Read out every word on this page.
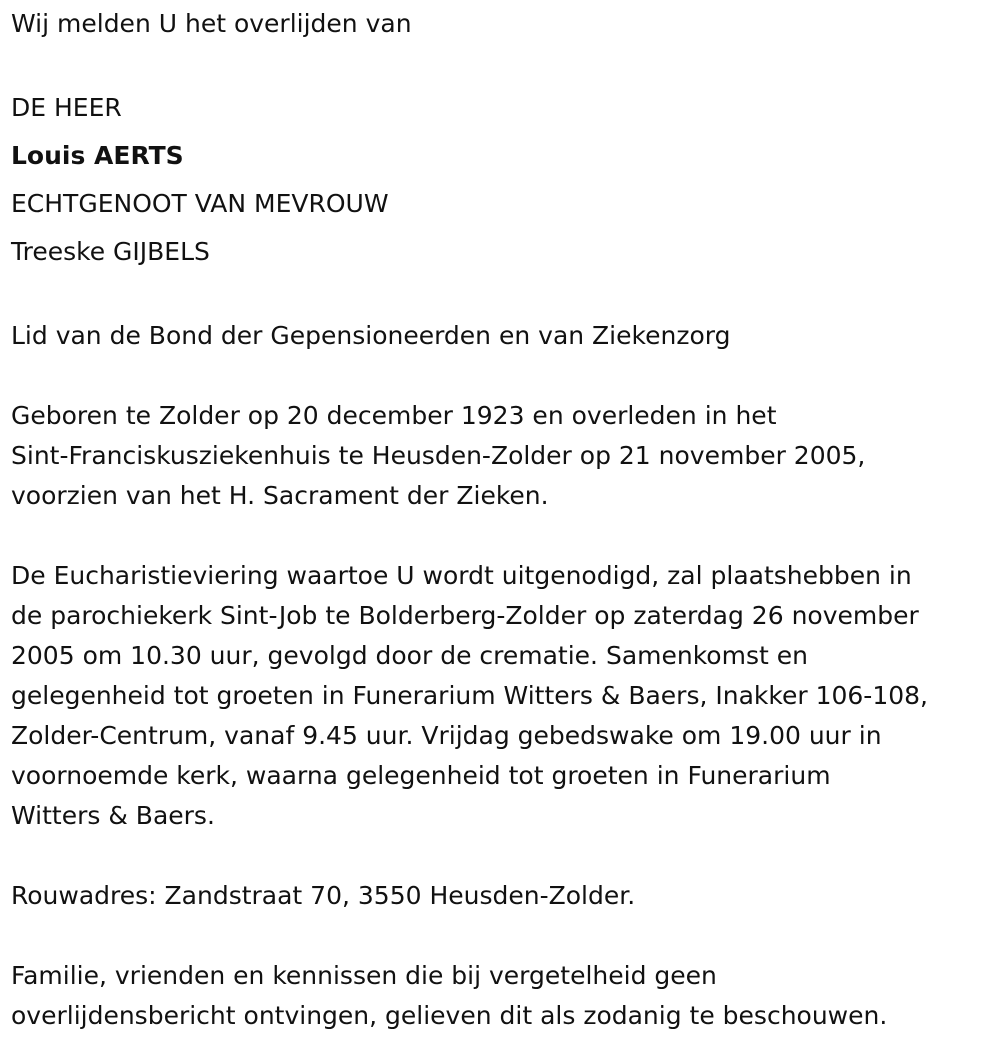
Wij melden U het overlijden van

DE HEER

Louis AERTS

ECHTGENOOT VAN MEVROUW

Treeske GIJBELS

Lid van de Bond der Gepensioneerden en van Ziekenzorg

Geboren te Zolder op 20 december 1923 en overleden in het

Sint-Franciskusziekenhuis te Heusden-Zolder op 21 november 2005,

voorzien van het H. Sacrament der Zieken.

De Eucharistieviering waartoe U wordt uitgenodigd, zal plaatshebben in

de parochiekerk Sint-Job te Bolderberg-Zolder op zaterdag 26 november

2005 om 10.30 uur, gevolgd door de crematie. Samenkomst en

gelegenheid tot groeten in Funerarium Witters & Baers, Inakker 106-108,

Zolder-Centrum, vanaf 9.45 uur. Vrijdag gebedswake om 19.00 uur in

voornoemde kerk, waarna gelegenheid tot groeten in Funerarium

Witters & Baers.

Rouwadres: Zandstraat 70, 3550 Heusden-Zolder.

Familie, vrienden en kennissen die bij vergetelheid geen

overlijdensbericht ontvingen, gelieven dit als zodanig te beschouwen.
